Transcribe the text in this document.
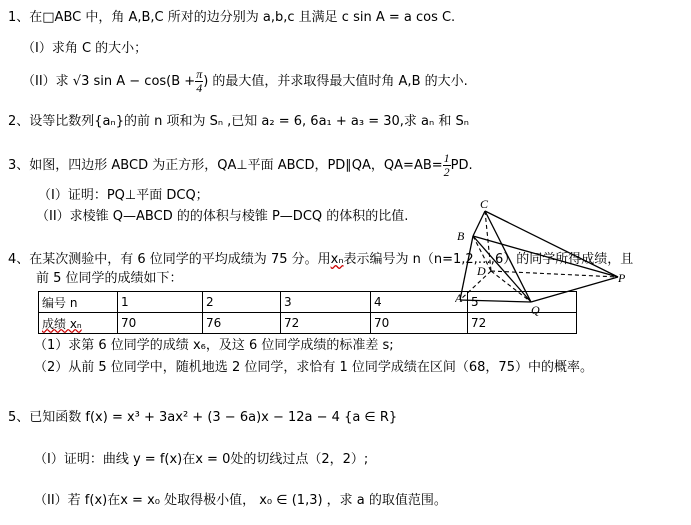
1、在□ABC 中，角 A,B,C 所对的边分别为 a,b,c 且满足 c sin A = a cos C.
（I）求角 C 的大小；
（II）求 √3 $\sin A - \cos(B + \frac{\pi}{4}$ ) 的最大值，并求取得最大值时角 A,B 的大小.
2、设等比数列{aₙ}的前 n 项和为 Sₙ ,已知 a₂ = 6, 6a₁ + a₃ = 30,求 aₙ 和 Sₙ
3、如图，四边形 ABCD 为正方形，QA⊥平面 ABCD，PD∥QA，$QA=AB= \frac{1}{2}$ PD.
（I）证明：PQ⊥平面 DCQ；
（II）求棱锥 Q—ABCD 的的体积与棱锥 P—DCQ 的体积的比值.
C
B
D
A
P
Q
4、在某次测验中，有 6 位同学的平均成绩为 75 分。用xₙ表示编号为 n（n=1,2,…,6）的同学所得成绩，且
前 5 位同学的成绩如下：
编号 n	1	2	3	4	5
成绩 xₙ	70	76	72	70	72
（1）求第 6 位同学的成绩 x₆，及这 6 位同学成绩的标准差 s;
（2）从前 5 位同学中，随机地选 2 位同学，求恰有 1 位同学成绩在区间（68，75）中的概率。
5、已知函数 f(x) = x³ + 3ax² + (3 − 6a)x − 12a − 4 {a ∈ R}
（I）证明：曲线 y = f(x)在x = 0处的切线过点（2，2）;
（II）若 f(x)在x = x₀ 处取得极小值， x₀ ∈ (1,3) ，求 a 的取值范围。
